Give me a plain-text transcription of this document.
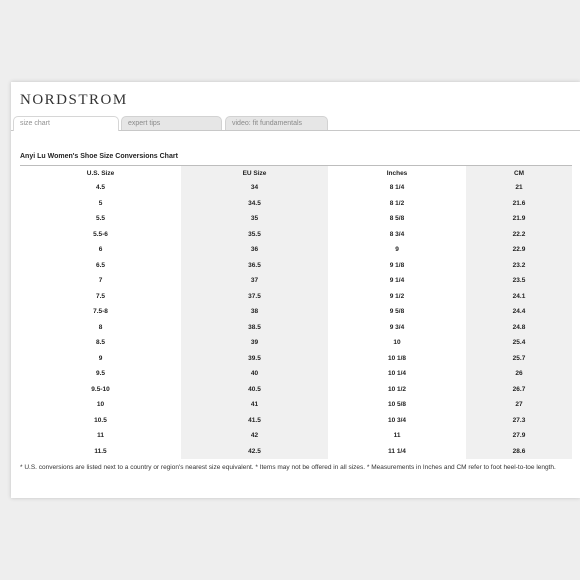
NORDSTROM
size chart	expert tips	video: fit fundamentals
Anyi Lu Women's Shoe Size Conversions Chart
U.S. Size	EU Size	Inches	CM
4.5	34	8 1/4	21
5	34.5	8 1/2	21.6
5.5	35	8 5/8	21.9
5.5-6	35.5	8 3/4	22.2
6	36	9	22.9
6.5	36.5	9 1/8	23.2
7	37	9 1/4	23.5
7.5	37.5	9 1/2	24.1
7.5-8	38	9 5/8	24.4
8	38.5	9 3/4	24.8
8.5	39	10	25.4
9	39.5	10 1/8	25.7
9.5	40	10 1/4	26
9.5-10	40.5	10 1/2	26.7
10	41	10 5/8	27
10.5	41.5	10 3/4	27.3
11	42	11	27.9
11.5	42.5	11 1/4	28.6
* U.S. conversions are listed next to a country or region's nearest size equivalent. * Items may not be offered in all sizes. * Measurements in Inches and CM refer to foot heel-to-toe length.
